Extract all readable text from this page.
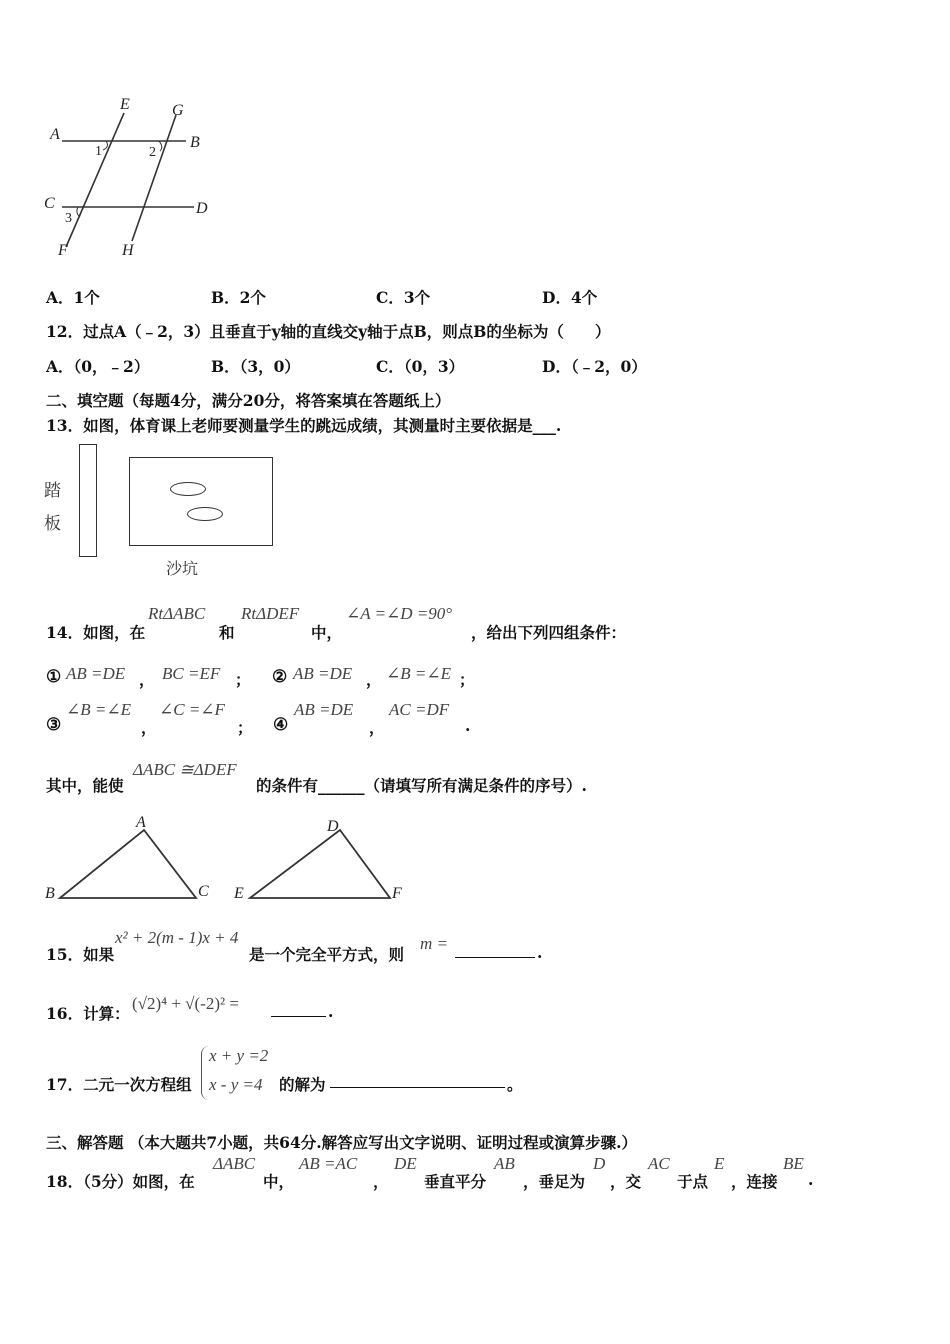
E	G
A	B
1	2
C	D
3
F	H
A．1个	B．2个	C．3个	D．4个
12．过点A（﹣2，3）且垂直于y轴的直线交y轴于点B，则点B的坐标为（　　）
A．（0，﹣2）	B．（3，0）	C．（0，3）	D．（﹣2，0）
二、填空题（每题4分，满分20分，将答案填在答题纸上）
13．如图，体育课上老师要测量学生的跳远成绩，其测量时主要依据是___.
踏
板
沙坑
14．如图，在
RtΔABC
和
RtΔDEF
中，
∠A =∠D =90°
，给出下列四组条件：
① AB =DE ， BC =EF ； ② AB =DE ， ∠B =∠E ；
③
∠B =∠E
，
∠C =∠F
； ④
AB =DE
，
AC =DF
.
其中，能使
ΔABC ≅ΔDEF
的条件有______（请填写所有满足条件的序号）.
A
B	C
D
E	F
15．如果
x² + 2(m - 1)x + 4
是一个完全平方式，则
m =	.
16．计算：
(√2)⁴ + √(-2)² =	.
17．二元一次方程组
x + y =2
x - y =4 的解为	。
三、解答题 （本大题共7小题，共64分.解答应写出文字说明、证明过程或演算步骤.）
18．（5分）如图，在
ΔABC
中，
AB =AC
，
DE
垂直平分
AB
，垂足为
D
，交
AC
于点
E
，连接
BE
.
